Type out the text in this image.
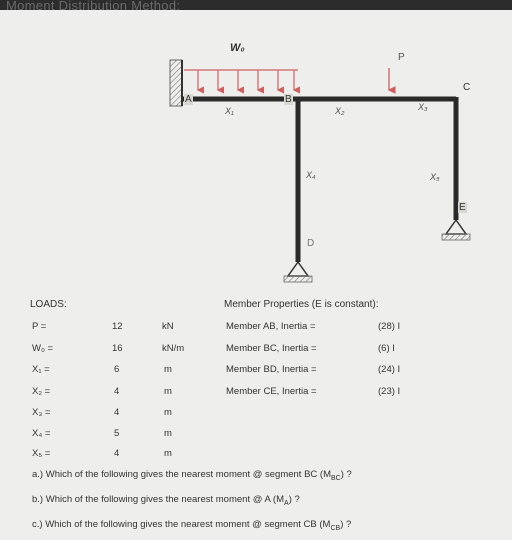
Moment Distribution Method:
W₀
P
A	B
C
D
E
X₁	X₂	X₃
X₄	X₅
LOADS:
P =	12	kN
W₀ =	16	kN/m
X₁ =	6	m
X₂ =	4	m
X₃ =	4	m
X₄ =	5	m
X₅ =	4	m
Member Properties (E is constant):
Member AB, Inertia =	(28) I
Member BC, Inertia =	(6) I
Member BD, Inertia =	(24) I
Member CE, Inertia =	(23) I
a.) Which of the following gives the nearest moment @ segment BC $(M_{BC})$ ?
b.) Which of the following gives the nearest moment @ A $(M_A)$ ?
c.) Which of the following gives the nearest moment @ segment CB $(M_{CB})$ ?
